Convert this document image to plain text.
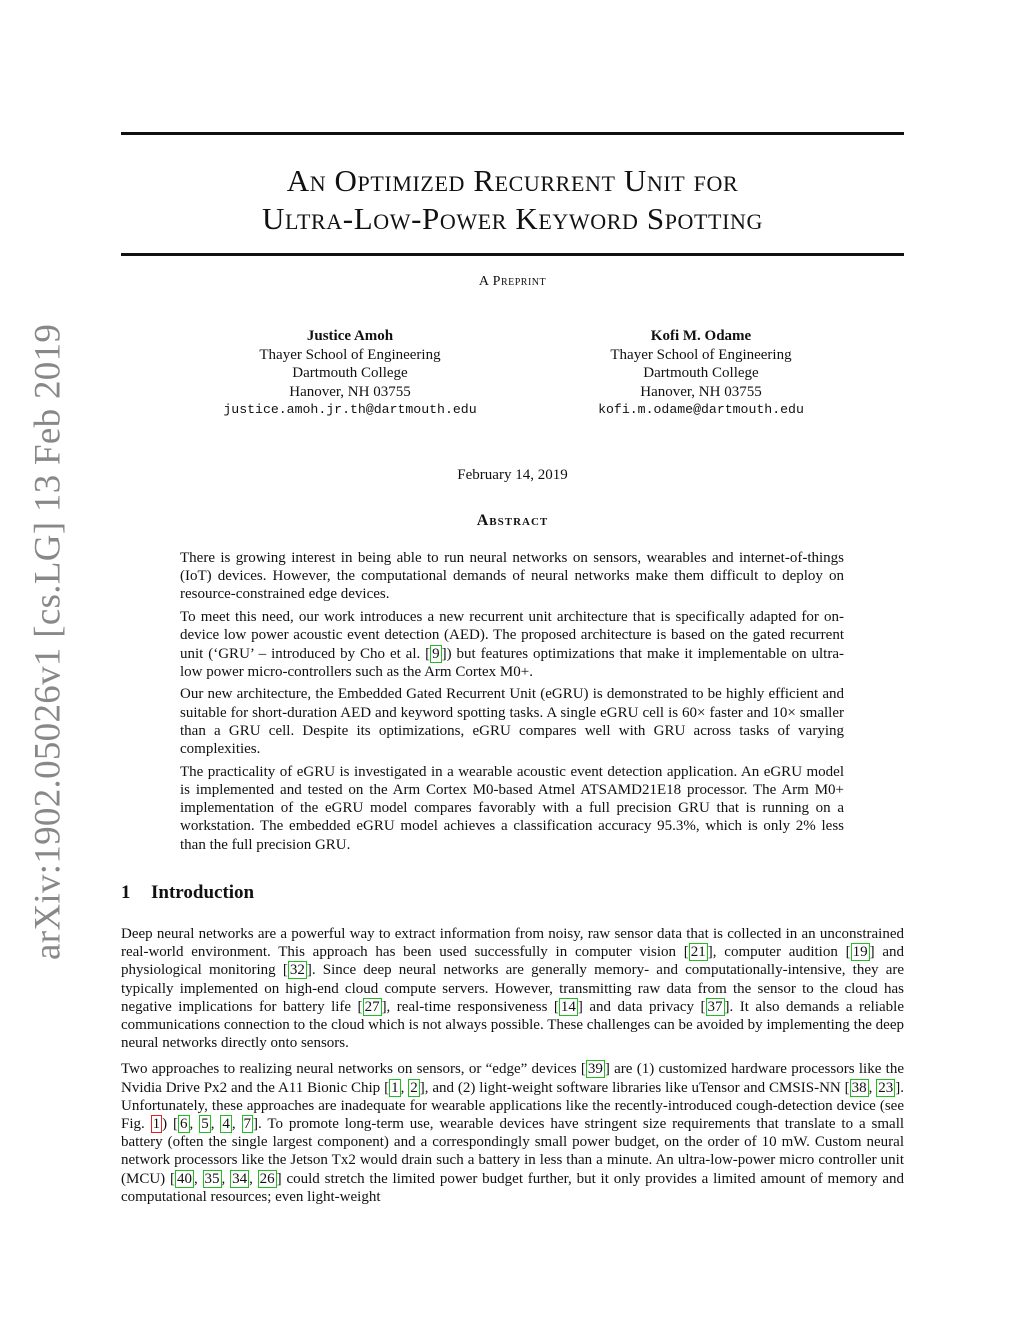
arXiv:1902.05026v1 [cs.LG] 13 Feb 2019
An Optimized Recurrent Unit for
Ultra-Low-Power Keyword Spotting
A Preprint
Justice Amoh
Thayer School of Engineering
Dartmouth College
Hanover, NH 03755
justice.amoh.jr.th@dartmouth.edu
Kofi M. Odame
Thayer School of Engineering
Dartmouth College
Hanover, NH 03755
kofi.m.odame@dartmouth.edu
February 14, 2019
Abstract

There is growing interest in being able to run neural networks on sensors, wearables and internet-of-things (IoT) devices. However, the computational demands of neural networks make them difficult to deploy on resource-constrained edge devices.

To meet this need, our work introduces a new recurrent unit architecture that is specifically adapted for on-device low power acoustic event detection (AED). The proposed architecture is based on the gated recurrent unit (‘GRU’ – introduced by Cho et al. [ 9 ]) but features optimizations that make it implementable on ultra-low power micro-controllers such as the Arm Cortex M0+.

Our new architecture, the Embedded Gated Recurrent Unit (eGRU) is demonstrated to be highly efficient and suitable for short-duration AED and keyword spotting tasks. A single eGRU cell is 60× faster and 10× smaller than a GRU cell. Despite its optimizations, eGRU compares well with GRU across tasks of varying complexities.

The practicality of eGRU is investigated in a wearable acoustic event detection application. An eGRU model is implemented and tested on the Arm Cortex M0-based Atmel ATSAMD21E18 processor. The Arm M0+ implementation of the eGRU model compares favorably with a full precision GRU that is running on a workstation. The embedded eGRU model achieves a classification accuracy 95.3%, which is only 2% less than the full precision GRU.

1 Introduction

Deep neural networks are a powerful way to extract information from noisy, raw sensor data that is collected in an unconstrained real-world environment. This approach has been used successfully in computer vision [ 21 ], computer audition [ 19 ] and physiological monitoring [ 32 ]. Since deep neural networks are generally memory- and computationally-intensive, they are typically implemented on high-end cloud compute servers. However, transmitting raw data from the sensor to the cloud has negative implications for battery life [ 27 ], real-time responsiveness [ 14 ] and data privacy [ 37 ]. It also demands a reliable communications connection to the cloud which is not always possible. These challenges can be avoided by implementing the deep neural networks directly onto sensors.

Two approaches to realizing neural networks on sensors, or “edge” devices [ 39 ] are (1) customized hardware processors like the Nvidia Drive Px2 and the A11 Bionic Chip [ 1 , 2 ], and (2) light-weight software libraries like uTensor and CMSIS-NN [ 38 , 23 ]. Unfortunately, these approaches are inadequate for wearable applications like the recently-introduced cough-detection device (see Fig. 1 ) [ 6 , 5 , 4 , 7 ]. To promote long-term use, wearable devices have stringent size requirements that translate to a small battery (often the single largest component) and a correspondingly small power budget, on the order of 10 mW. Custom neural network processors like the Jetson Tx2 would drain such a battery in less than a minute. An ultra-low-power micro controller unit (MCU) [ 40 , 35 , 34 , 26 ] could stretch the limited power budget further, but it only provides a limited amount of memory and computational resources; even light-weight
